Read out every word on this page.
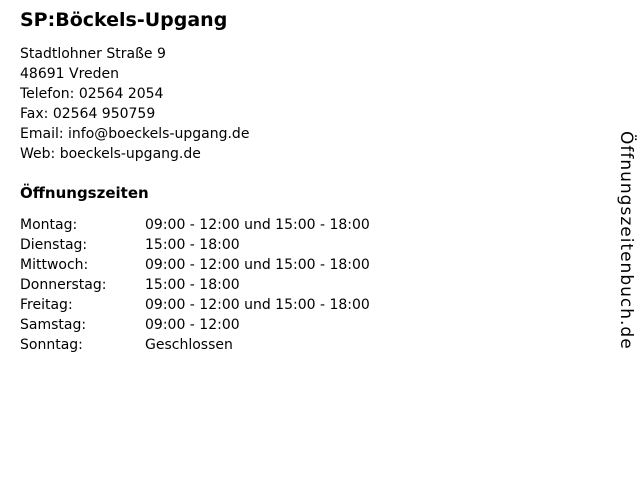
SP:Böckels-Upgang
Stadtlohner Straße 9
48691 Vreden
Telefon: 02564 2054
Fax: 02564 950759
Email: info@boeckels-upgang.de
Web: boeckels-upgang.de
Öffnungszeiten
Montag:	09:00 - 12:00 und 15:00 - 18:00
Dienstag:	15:00 - 18:00
Mittwoch:	09:00 - 12:00 und 15:00 - 18:00
Donnerstag:	15:00 - 18:00
Freitag:	09:00 - 12:00 und 15:00 - 18:00
Samstag:	09:00 - 12:00
Sonntag:	Geschlossen	Öffnungszeitenbuch.de
